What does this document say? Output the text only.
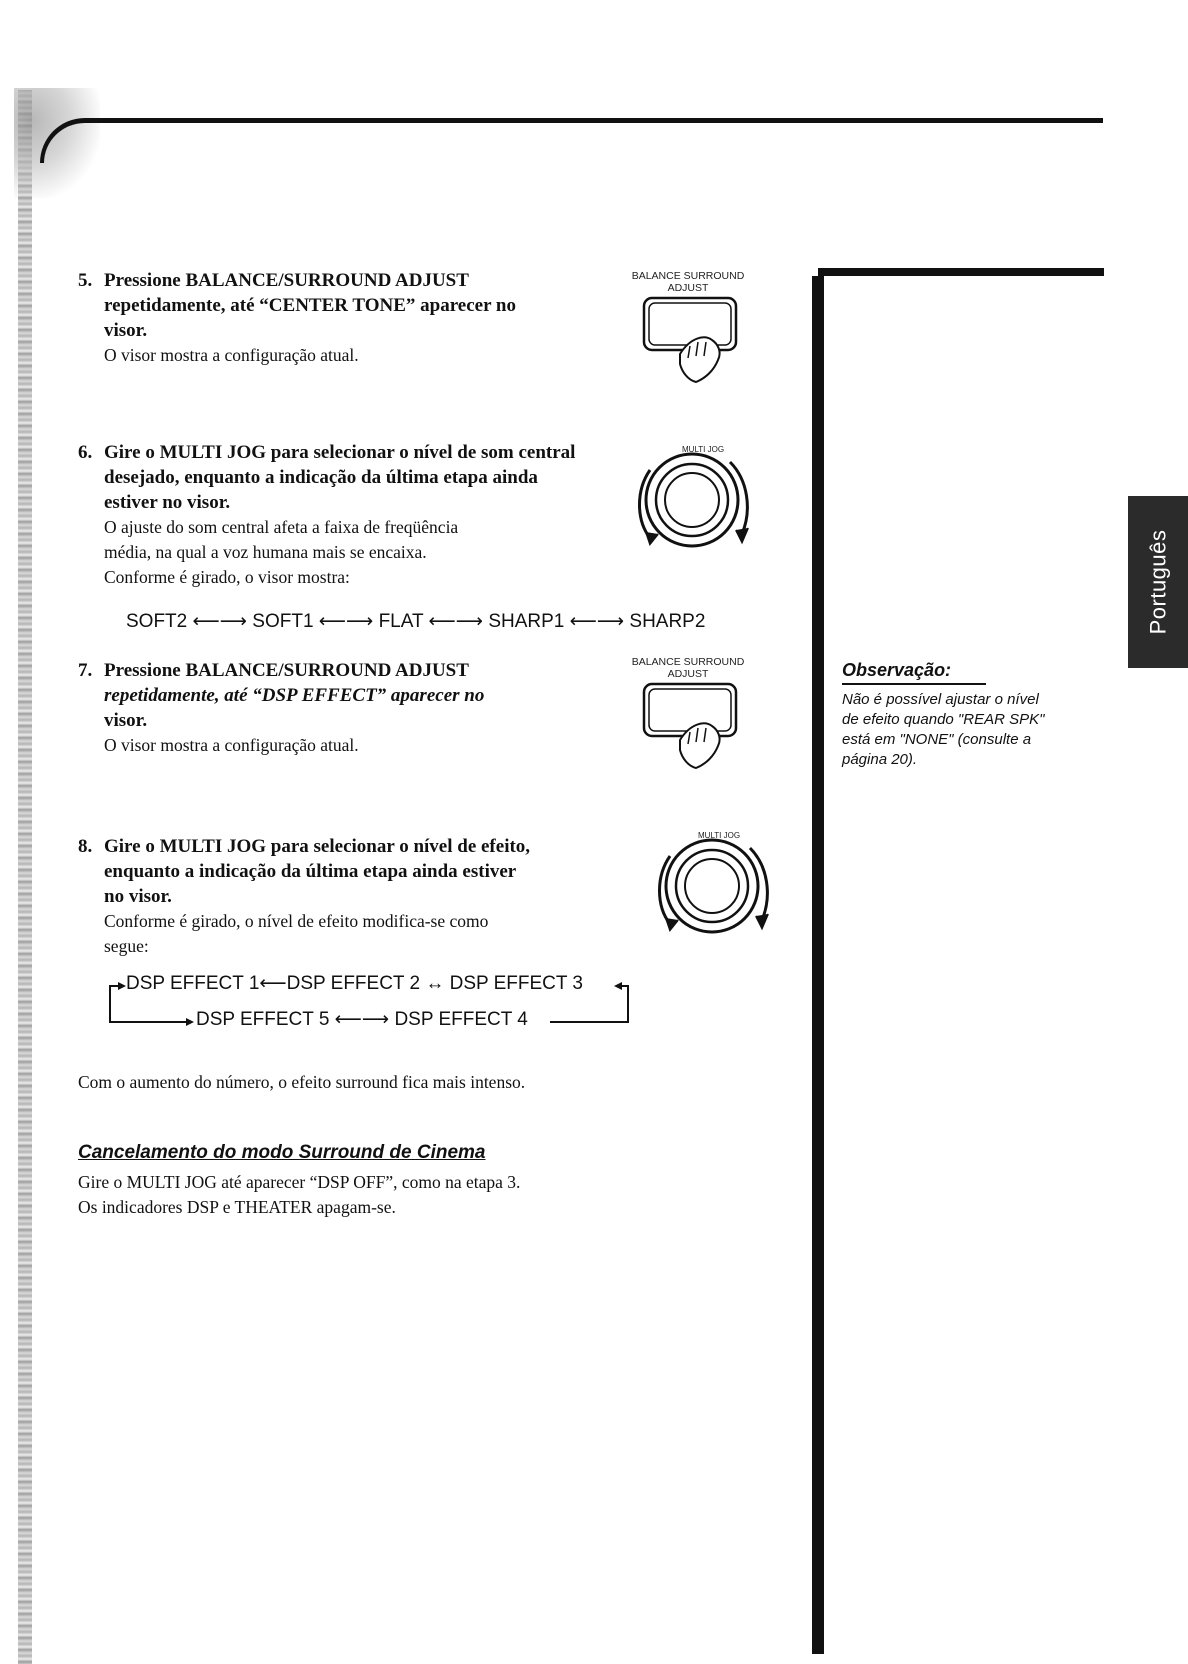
Português
5. Pressione BALANCE/SURROUND ADJUST
repetidamente, até “CENTER TONE” aparecer no
visor.
O visor mostra a configuração atual.
BALANCE SURROUND
ADJUST
6. Gire o MULTI JOG para selecionar o nível de som central
desejado, enquanto a indicação da última etapa ainda
estiver no visor.
O ajuste do som central afeta a faixa de freqüência
média, na qual a voz humana mais se encaixa.
Conforme é girado, o visor mostra:
MULTI JOG
SOFT2 ⟵⟶ SOFT1 ⟵⟶ FLAT ⟵⟶ SHARP1 ⟵⟶ SHARP2
7. Pressione BALANCE/SURROUND ADJUST
repetidamente, até “DSP EFFECT” aparecer no
visor.
O visor mostra a configuração atual.
BALANCE SURROUND
ADJUST
8. Gire o MULTI JOG para selecionar o nível de efeito,
enquanto a indicação da última etapa ainda estiver
no visor.
Conforme é girado, o nível de efeito modifica-se como
segue:
MULTI JOG
DSP EFFECT 1⟵DSP EFFECT 2 ↔ DSP EFFECT 3
DSP EFFECT 5 ⟵⟶ DSP EFFECT 4
Com o aumento do número, o efeito surround fica mais intenso.
Cancelamento do modo Surround de Cinema
Gire o MULTI JOG até aparecer “DSP OFF”, como na etapa 3.
Os indicadores DSP e THEATER apagam-se.
Observação:
Não é possível ajustar o nível
de efeito quando "REAR SPK"
está em "NONE" (consulte a
página 20).
